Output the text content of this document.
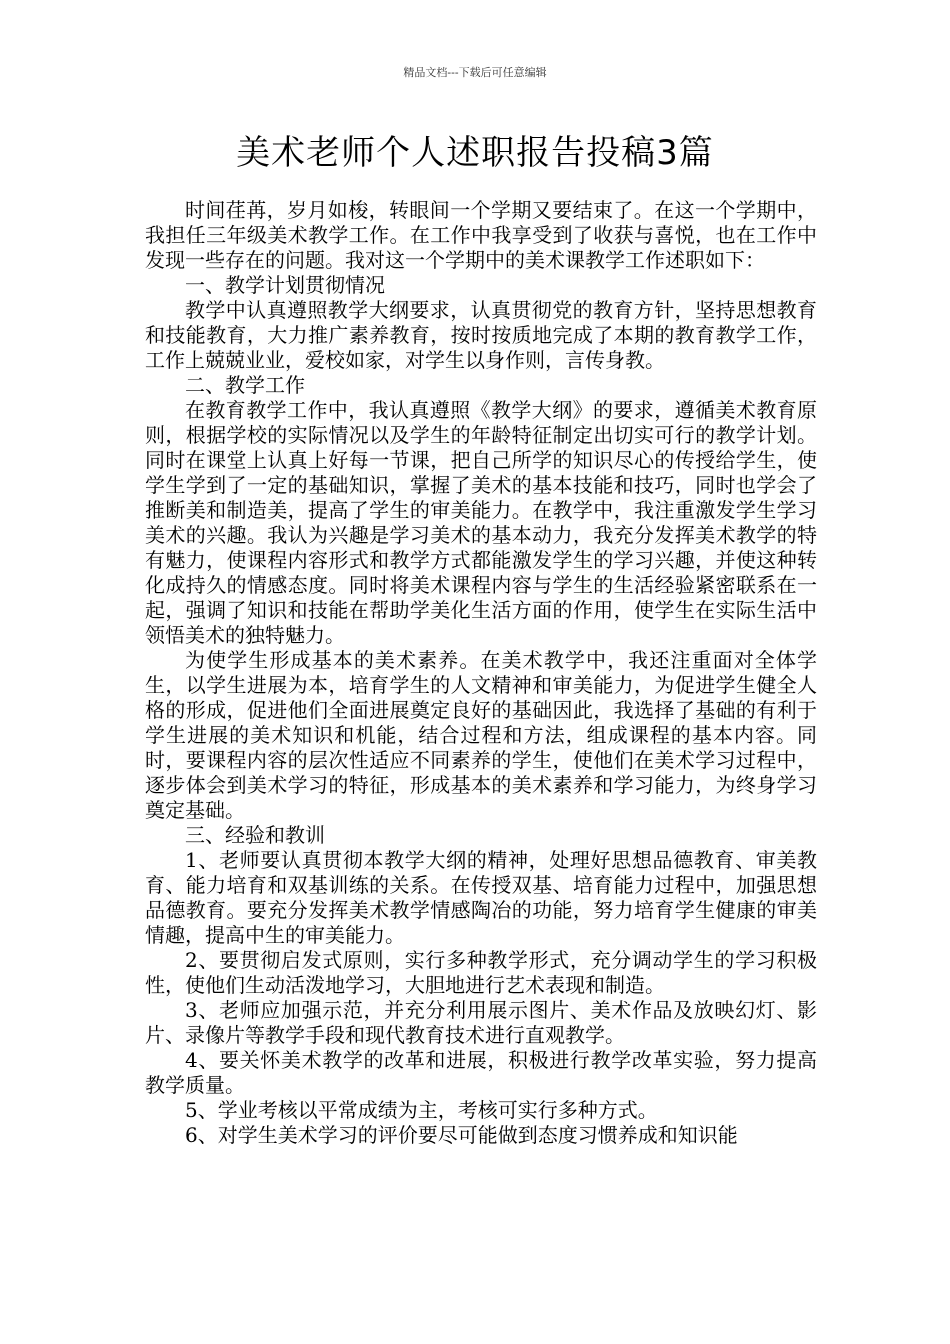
精品文档---下载后可任意编辑
美术老师个人述职报告投稿3篇

时间荏苒，岁月如梭，转眼间一个学期又要结束了。在这一个学期中，我担任三年级美术教学工作。在工作中我享受到了收获与喜悦，也在工作中发现一些存在的问题。我对这一个学期中的美术课教学工作述职如下：

一、教学计划贯彻情况

教学中认真遵照教学大纲要求，认真贯彻党的教育方针，坚持思想教育和技能教育，大力推广素养教育，按时按质地完成了本期的教育教学工作，工作上兢兢业业，爱校如家，对学生以身作则，言传身教。

二、教学工作

在教育教学工作中，我认真遵照《教学大纲》的要求，遵循美术教育原则，根据学校的实际情况以及学生的年龄特征制定出切实可行的教学计划。同时在课堂上认真上好每一节课，把自己所学的知识尽心的传授给学生，使学生学到了一定的基础知识，掌握了美术的基本技能和技巧，同时也学会了推断美和制造美，提高了学生的审美能力。在教学中，我注重激发学生学习美术的兴趣。我认为兴趣是学习美术的基本动力，我充分发挥美术教学的特有魅力，使课程内容形式和教学方式都能激发学生的学习兴趣，并使这种转化成持久的情感态度。同时将美术课程内容与学生的生活经验紧密联系在一起，强调了知识和技能在帮助学美化生活方面的作用，使学生在实际生活中领悟美术的独特魅力。

为使学生形成基本的美术素养。在美术教学中，我还注重面对全体学生，以学生进展为本，培育学生的人文精神和审美能力，为促进学生健全人格的形成，促进他们全面进展奠定良好的基础因此，我选择了基础的有利于学生进展的美术知识和机能，结合过程和方法，组成课程的基本内容。同时，要课程内容的层次性适应不同素养的学生，使他们在美术学习过程中，逐步体会到美术学习的特征，形成基本的美术素养和学习能力，为终身学习奠定基础。

三、经验和教训

1、老师要认真贯彻本教学大纲的精神，处理好思想品德教育、审美教育、能力培育和双基训练的关系。在传授双基、培育能力过程中，加强思想品德教育。要充分发挥美术教学情感陶冶的功能，努力培育学生健康的审美情趣，提高中生的审美能力。

2、要贯彻启发式原则，实行多种教学形式，充分调动学生的学习积极性，使他们生动活泼地学习，大胆地进行艺术表现和制造。

3、老师应加强示范，并充分利用展示图片、美术作品及放映幻灯、影片、录像片等教学手段和现代教育技术进行直观教学。

4、要关怀美术教学的改革和进展，积极进行教学改革实验，努力提高教学质量。

5、学业考核以平常成绩为主，考核可实行多种方式。

6、对学生美术学习的评价要尽可能做到态度习惯养成和知识能
